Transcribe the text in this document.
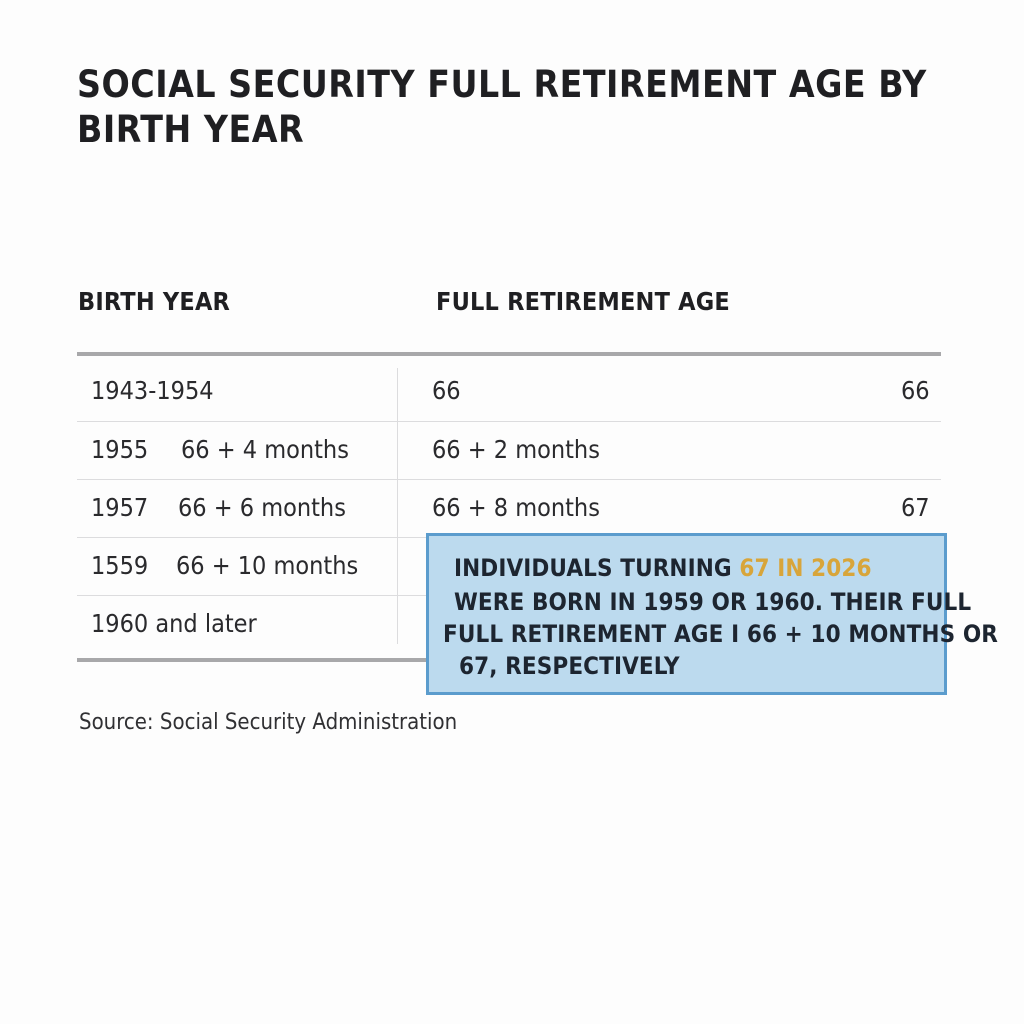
SOCIAL SECURITY FULL RETIREMENT AGE BY BIRTH YEAR
BIRTH YEAR	FULL RETIREMENT AGE
1943-1954	66	66
1955 66 + 4 months	66 + 2 months
1957 66 + 6 months	66 + 8 months	67
1559 66 + 10 months
1960 and later
INDIVIDUALS TURNING 67 IN 2026
WERE BORN IN 1959 OR 1960. THEIR FULL
FULL RETIREMENT AGE I 66 + 10 MONTHS OR
67, RESPECTIVELY
Source: Social Security Administration
